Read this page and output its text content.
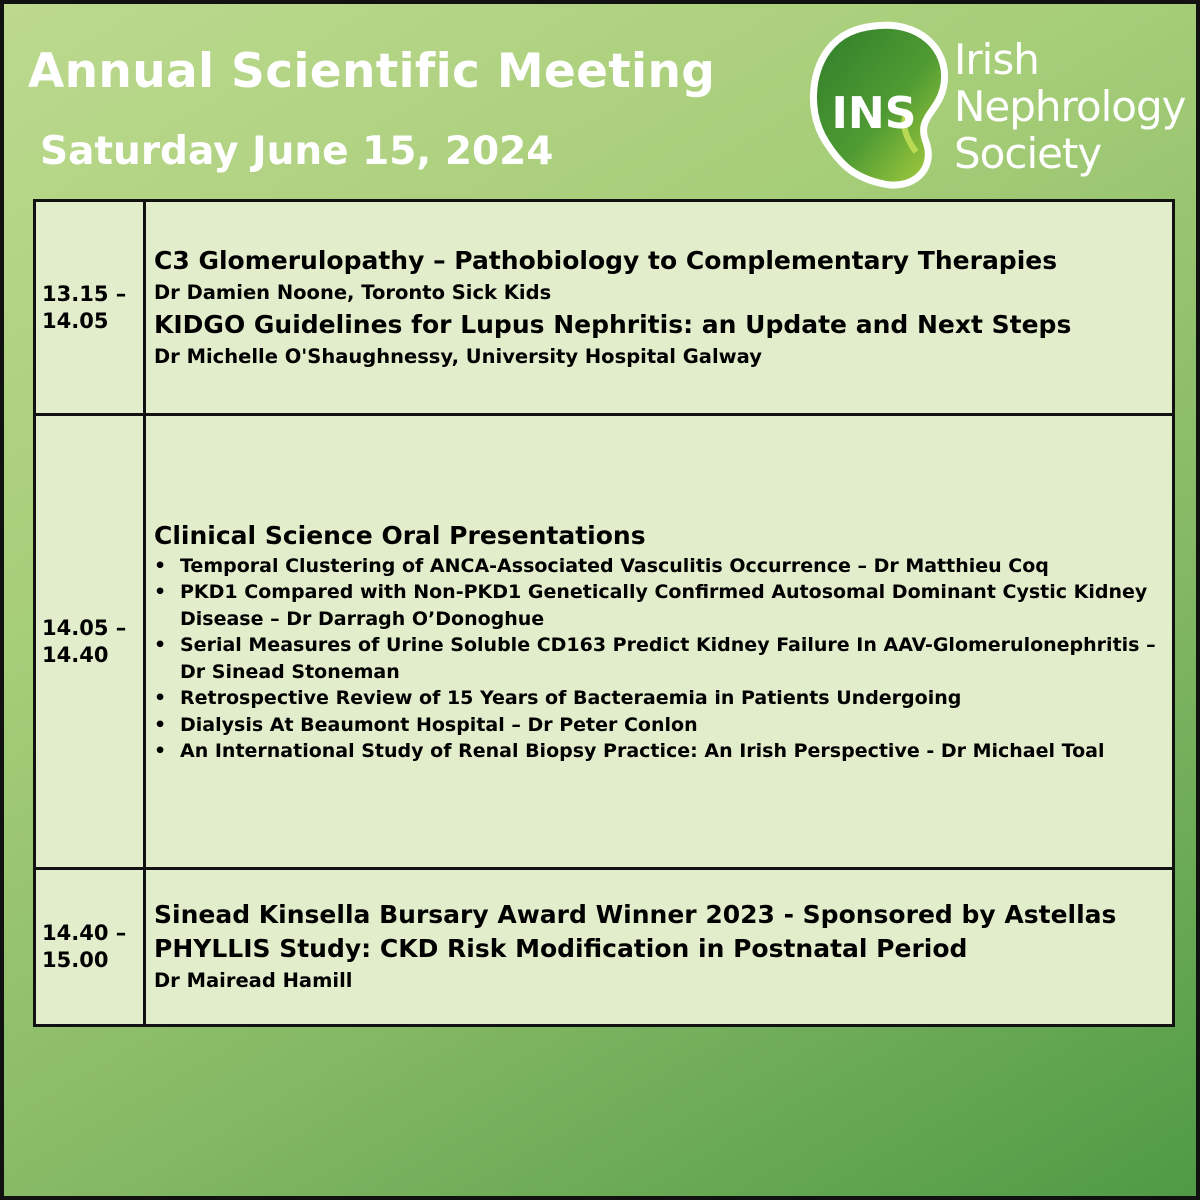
Annual Scientific Meeting
Saturday June 15, 2024
INS
Irish
Nephrology
Society
13.15 –
14.05
C3 Glomerulopathy – Pathobiology to Complementary Therapies
Dr Damien Noone, Toronto Sick Kids
KIDGO Guidelines for Lupus Nephritis: an Update and Next Steps
Dr Michelle O'Shaughnessy, University Hospital Galway
14.05 –
14.40
Clinical Science Oral Presentations
• Temporal Clustering of ANCA-Associated Vasculitis Occurrence – Dr Matthieu Coq
• PKD1 Compared with Non-PKD1 Genetically Confirmed Autosomal Dominant Cystic Kidney Disease – Dr Darragh O’Donoghue
• Serial Measures of Urine Soluble CD163 Predict Kidney Failure In AAV-Glomerulonephritis – Dr Sinead Stoneman
• Retrospective Review of 15 Years of Bacteraemia in Patients Undergoing
• Dialysis At Beaumont Hospital – Dr Peter Conlon
• An International Study of Renal Biopsy Practice: An Irish Perspective - Dr Michael Toal
14.40 –
15.00
Sinead Kinsella Bursary Award Winner 2023 - Sponsored by Astellas
PHYLLIS Study: CKD Risk Modification in Postnatal Period
Dr Mairead Hamill
